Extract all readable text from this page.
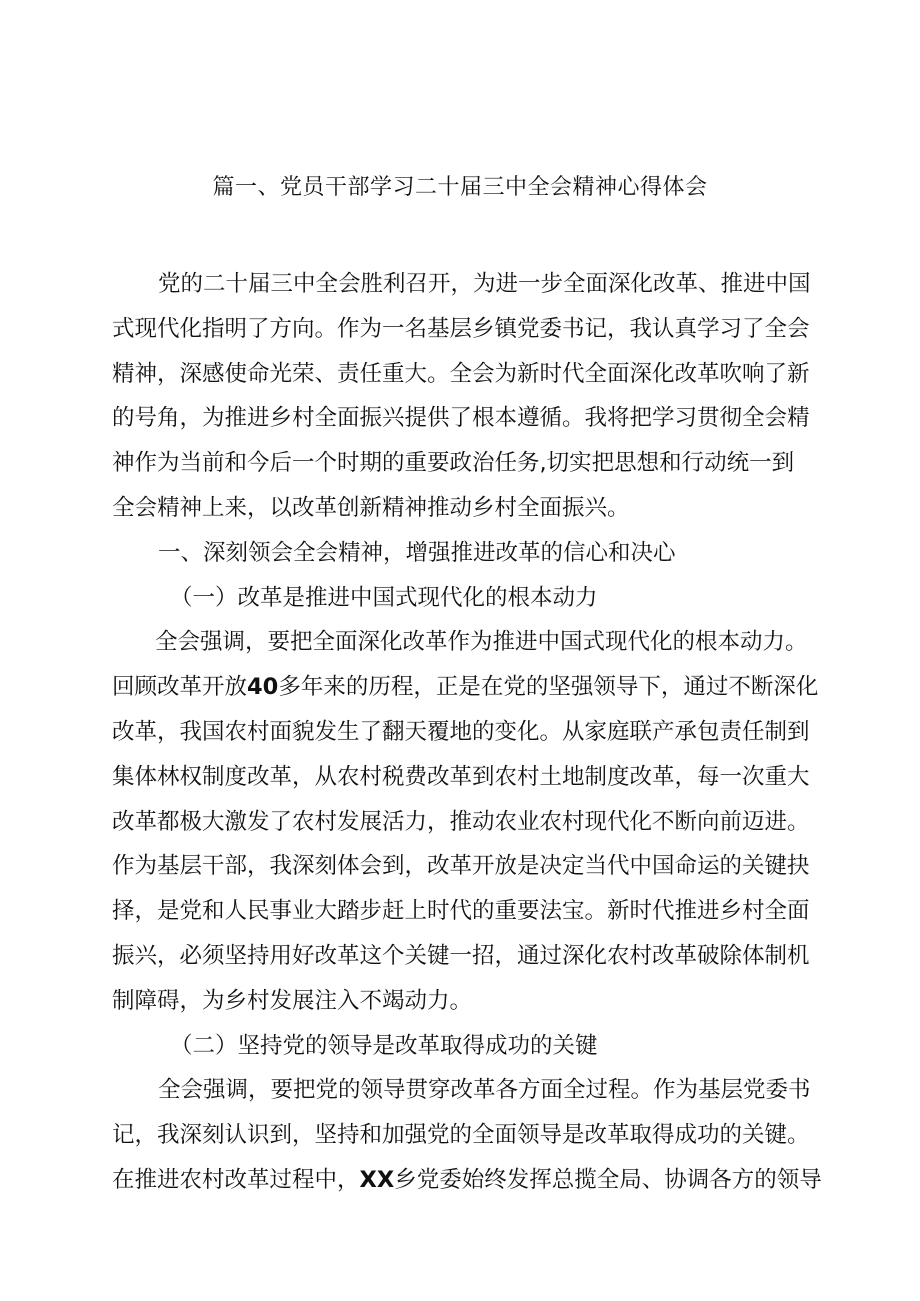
篇一、党员干部学习二十届三中全会精神心得体会
党的二十届三中全会胜利召开，为进一步全面深化改革、推进中国
式现代化指明了方向。作为一名基层乡镇党委书记，我认真学习了全会
精神，深感使命光荣、责任重大。全会为新时代全面深化改革吹响了新
的号角，为推进乡村全面振兴提供了根本遵循。我将把学习贯彻全会精
神作为当前和今后一个时期的重要政治任务,切实把思想和行动统一到
全会精神上来，以改革创新精神推动乡村全面振兴。
一、深刻领会全会精神，增强推进改革的信心和决心
（一）改革是推进中国式现代化的根本动力
全会强调，要把全面深化改革作为推进中国式现代化的根本动力。
回顾改革开放40多年来的历程，正是在党的坚强领导下，通过不断深化
改革，我国农村面貌发生了翻天覆地的变化。从家庭联产承包责任制到
集体林权制度改革，从农村税费改革到农村土地制度改革，每一次重大
改革都极大激发了农村发展活力，推动农业农村现代化不断向前迈进。
作为基层干部，我深刻体会到，改革开放是决定当代中国命运的关键抉
择，是党和人民事业大踏步赶上时代的重要法宝。新时代推进乡村全面
振兴，必须坚持用好改革这个关键一招，通过深化农村改革破除体制机
制障碍，为乡村发展注入不竭动力。
（二）坚持党的领导是改革取得成功的关键
全会强调，要把党的领导贯穿改革各方面全过程。作为基层党委书
记，我深刻认识到，坚持和加强党的全面领导是改革取得成功的关键。
在推进农村改革过程中，XX乡党委始终发挥总揽全局、协调各方的领导
